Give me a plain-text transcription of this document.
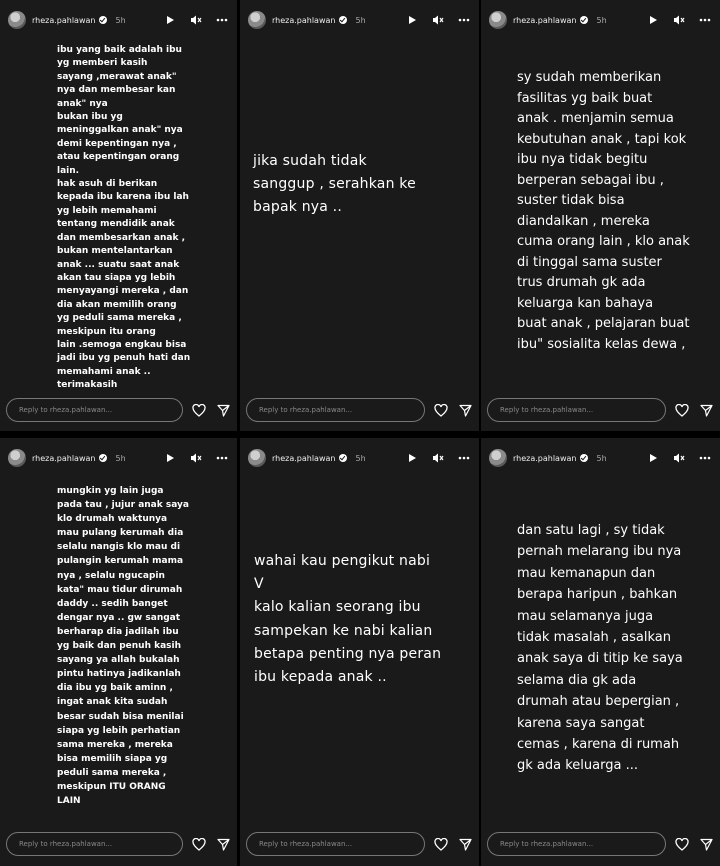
rheza.pahlawan	5h
ibu yang baik adalah ibu
yg memberi kasih
sayang ,merawat anak"
nya dan membesar kan
anak" nya
bukan ibu yg
meninggalkan anak" nya
demi kepentingan nya ,
atau kepentingan orang
lain.
hak asuh di berikan
kepada ibu karena ibu lah
yg lebih memahami
tentang mendidik anak
dan membesarkan anak ,
bukan mentelantarkan
anak ... suatu saat anak
akan tau siapa yg lebih
menyayangi mereka , dan
dia akan memilih orang
yg peduli sama mereka ,
meskipun itu orang
lain .semoga engkau bisa
jadi ibu yg penuh hati dan
memahami anak ..
terimakasih
Reply to rheza.pahlawan...
rheza.pahlawan	5h
jika sudah tidak
sanggup , serahkan ke
bapak nya ..
Reply to rheza.pahlawan...
rheza.pahlawan	5h
sy sudah memberikan
fasilitas yg baik buat
anak . menjamin semua
kebutuhan anak , tapi kok
ibu nya tidak begitu
berperan sebagai ibu ,
suster tidak bisa
diandalkan , mereka
cuma orang lain , klo anak
di tinggal sama suster
trus drumah gk ada
keluarga kan bahaya
buat anak , pelajaran buat
ibu" sosialita kelas dewa ,
Reply to rheza.pahlawan...
rheza.pahlawan	5h
mungkin yg lain juga
pada tau , jujur anak saya
klo drumah waktunya
mau pulang kerumah dia
selalu nangis klo mau di
pulangin kerumah mama
nya , selalu ngucapin
kata" mau tidur dirumah
daddy .. sedih banget
dengar nya .. gw sangat
berharap dia jadilah ibu
yg baik dan penuh kasih
sayang ya allah bukalah
pintu hatinya jadikanlah
dia ibu yg baik aminn ,
ingat anak kita sudah
besar sudah bisa menilai
siapa yg lebih perhatian
sama mereka , mereka
bisa memilih siapa yg
peduli sama mereka ,
meskipun ITU ORANG
LAIN
Reply to rheza.pahlawan...
rheza.pahlawan	5h
wahai kau pengikut nabi
V
kalo kalian seorang ibu
sampekan ke nabi kalian
betapa penting nya peran
ibu kepada anak ..
Reply to rheza.pahlawan...
rheza.pahlawan	5h
dan satu lagi , sy tidak
pernah melarang ibu nya
mau kemanapun dan
berapa haripun , bahkan
mau selamanya juga
tidak masalah , asalkan
anak saya di titip ke saya
selama dia gk ada
drumah atau bepergian ,
karena saya sangat
cemas , karena di rumah
gk ada keluarga ...
Reply to rheza.pahlawan...
